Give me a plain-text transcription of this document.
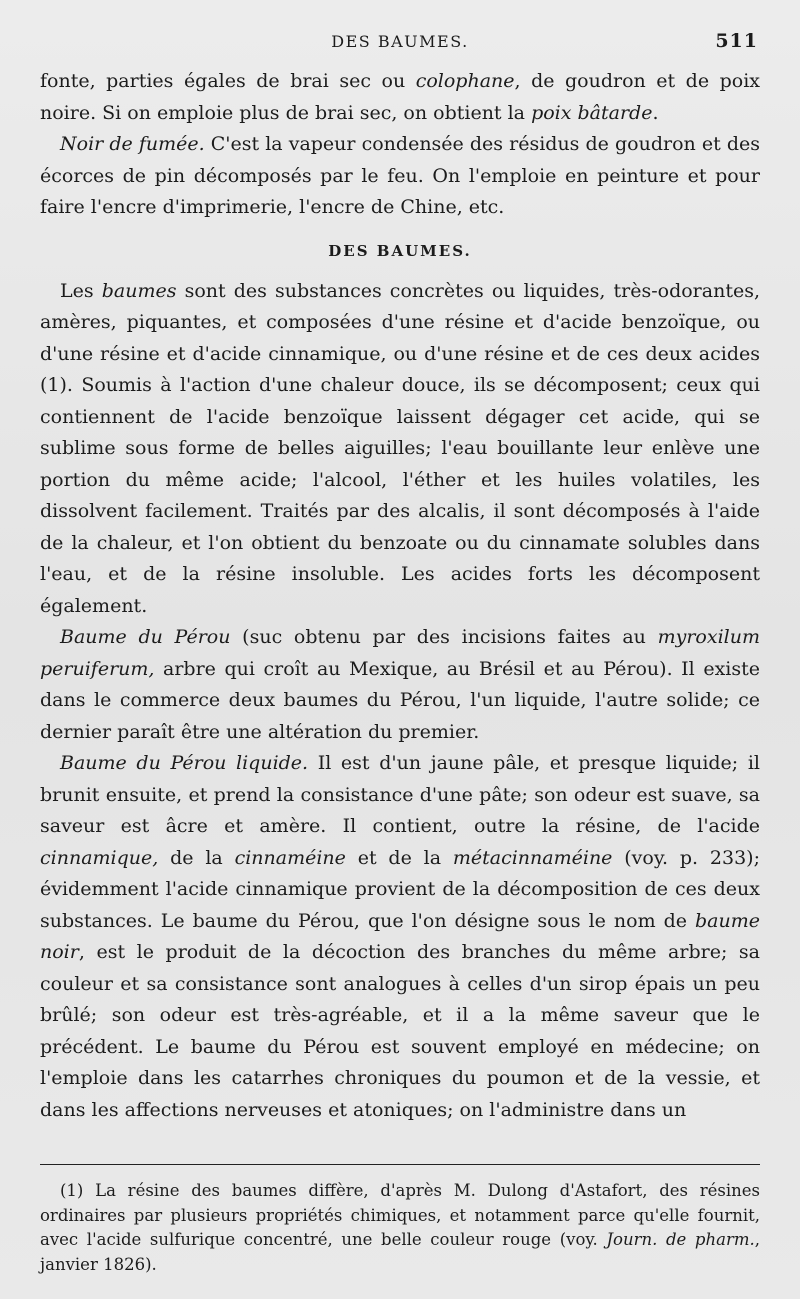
DES BAUMES.	511

fonte, parties égales de brai sec ou colophane, de goudron et de poix noire. Si on emploie plus de brai sec, on obtient la poix bâtarde.

Noir de fumée. C'est la vapeur condensée des résidus de goudron et des écorces de pin décomposés par le feu. On l'emploie en peinture et pour faire l'encre d'imprimerie, l'encre de Chine, etc.

DES BAUMES.

Les baumes sont des substances concrètes ou liquides, très-odorantes, amères, piquantes, et composées d'une résine et d'acide benzoïque, ou d'une résine et d'acide cinnamique, ou d'une résine et de ces deux acides (1). Soumis à l'action d'une chaleur douce, ils se décomposent; ceux qui contiennent de l'acide benzoïque laissent dégager cet acide, qui se sublime sous forme de belles aiguilles; l'eau bouillante leur enlève une portion du même acide; l'alcool, l'éther et les huiles volatiles, les dissolvent facilement. Traités par des alcalis, il sont décomposés à l'aide de la chaleur, et l'on obtient du benzoate ou du cinnamate solubles dans l'eau, et de la résine insoluble. Les acides forts les décomposent également.

Baume du Pérou (suc obtenu par des incisions faites au myroxilum peruiferum, arbre qui croît au Mexique, au Brésil et au Pérou). Il existe dans le commerce deux baumes du Pérou, l'un liquide, l'autre solide; ce dernier paraît être une altération du premier.

Baume du Pérou liquide. Il est d'un jaune pâle, et presque liquide; il brunit ensuite, et prend la consistance d'une pâte; son odeur est suave, sa saveur est âcre et amère. Il contient, outre la résine, de l'acide cinnamique, de la cinnaméine et de la métacinnaméine (voy. p. 233); évidemment l'acide cinnamique provient de la décomposition de ces deux substances. Le baume du Pérou, que l'on désigne sous le nom de baume noir, est le produit de la décoction des branches du même arbre; sa couleur et sa consistance sont analogues à celles d'un sirop épais un peu brûlé; son odeur est très-agréable, et il a la même saveur que le précédent. Le baume du Pérou est souvent employé en médecine; on l'emploie dans les catarrhes chroniques du poumon et de la vessie, et dans les affections nerveuses et atoniques; on l'administre dans un

(1) La résine des baumes diffère, d'après M. Dulong d'Astafort, des résines ordinaires par plusieurs propriétés chimiques, et notamment parce qu'elle fournit, avec l'acide sulfurique concentré, une belle couleur rouge (voy. Journ. de pharm., janvier 1826).
